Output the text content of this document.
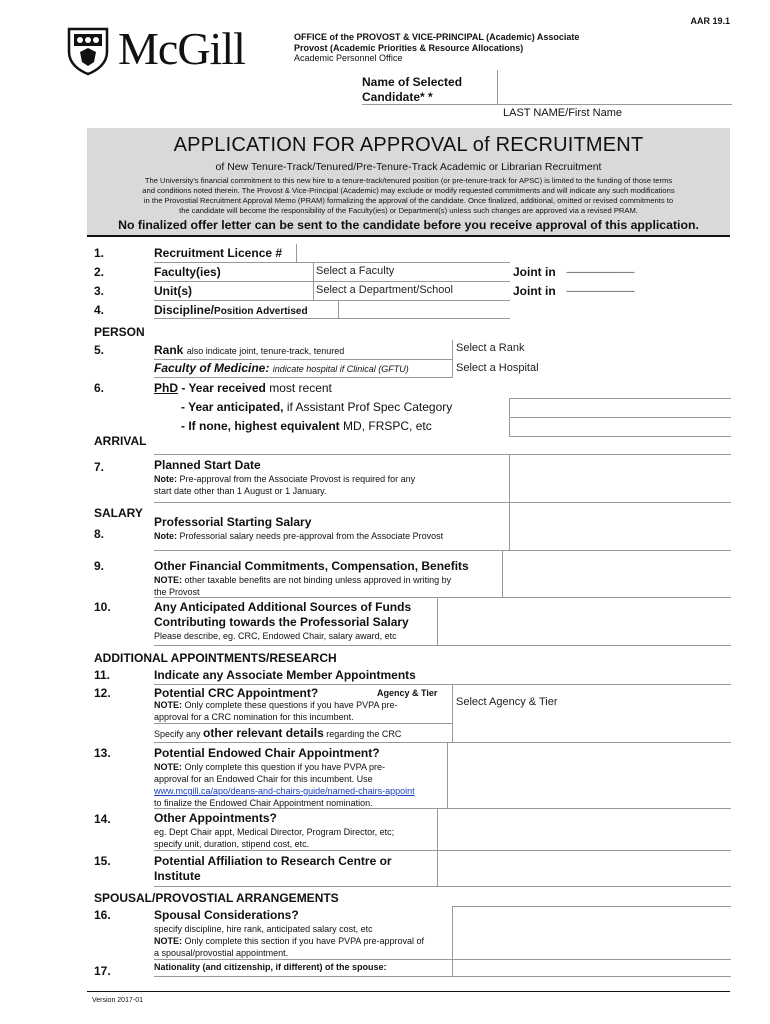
AAR 19.1
McGill	OFFICE of the PROVOST & VICE-PRINCIPAL (Academic) Associate
Provost (Academic Priorities & Resource Allocations)
Academic Personnel Office
Name of Selected
Candidate* *
LAST NAME/First Name
APPLICATION FOR APPROVAL of RECRUITMENT
of New Tenure-Track/Tenured/Pre-Tenure-Track Academic or Librarian Recruitment
The University's financial commitment to this new hire to a tenure-track/tenured position (or pre-tenure-track for APSC) is limited to the funding of those terms
and conditions noted therein. The Provost & Vice-Principal (Academic) may exclude or modify requested commitments and will indicate any such modifications
in the Provostial Recruitment Approval Memo (PRAM) formalizing the approval of the candidate. Once finalized, additional, omitted or revised commitments to
the candidate will become the responsibility of the Faculty(ies) or Department(s) unless such changes are approved via a revised PRAM.
No finalized offer letter can be sent to the candidate before you receive approval of this application.
1.	Recruitment Licence #
2.	Faculty(ies)	Select a Faculty	Joint in ----------------------------------
3.	Unit(s)	Select a Department/School	Joint in ----------------------------------
4.	Discipline/Position Advertised
PERSON
5.	Rank also indicate joint, tenure-track, tenured	Select a Rank
Faculty of Medicine: indicate hospital if Clinical (GFTU)	Select a Hospital
6.	PhD - Year received most recent
- Year anticipated, if Assistant Prof Spec Category
- If none, highest equivalent MD, FRSPC, etc
ARRIVAL
7.	Planned Start Date
Note: Pre-approval from the Associate Provost is required for any
start date other than 1 August or 1 January.
SALARY
8.
Professorial Starting Salary
Note: Professorial salary needs pre-approval from the Associate Provost
9.	Other Financial Commitments, Compensation, Benefits
NOTE: other taxable benefits are not binding unless approved in writing by
the Provost
10.	Any Anticipated Additional Sources of Funds
Contributing towards the Professorial Salary
Please describe, eg. CRC, Endowed Chair, salary award, etc
ADDITIONAL APPOINTMENTS/RESEARCH
11.	Indicate any Associate Member Appointments
12.	Potential CRC Appointment?	Agency & Tier
Select Agency & Tier
NOTE: Only complete these questions if you have PVPA pre-
approval for a CRC nomination for this incumbent.
Specify any other relevant details regarding the CRC
13.	Potential Endowed Chair Appointment?
NOTE: Only complete this question if you have PVPA pre-
approval for an Endowed Chair for this incumbent. Use
www.mcgill.ca/apo/deans-and-chairs-guide/named-chairs-appoint
to finalize the Endowed Chair Appointment nomination.
14.	Other Appointments?
eg. Dept Chair appt, Medical Director, Program Director, etc;
specify unit, duration, stipend cost, etc.
15.	Potential Affiliation to Research Centre or
Institute
SPOUSAL/PROVOSTIAL ARRANGEMENTS
16.	Spousal Considerations?
specify discipline, hire rank, anticipated salary cost, etc
NOTE: Only complete this section if you have PVPA pre-approval of
a spousal/provostial appointment.
17.	Nationality (and citizenship, if different) of the spouse:
Version 2017-01
